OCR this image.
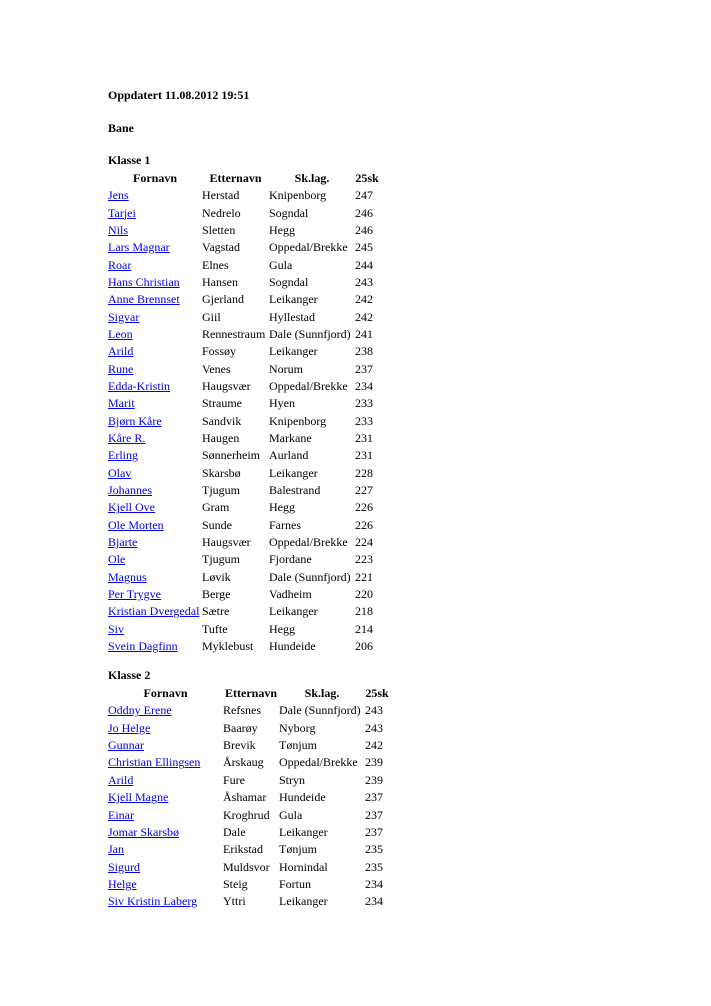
Oppdatert 11.08.2012 19:51

Bane

Klasse 1

Fornavn	Etternavn	Sk.lag.	25sk
Jens	Herstad	Knipenborg	247
Tarjei	Nedrelo	Sogndal	246
Nils	Sletten	Hegg	246
Lars Magnar	Vagstad	Oppedal/Brekke	245
Roar	Elnes	Gula	244
Hans Christian	Hansen	Sogndal	243
Anne Brennset	Gjerland	Leikanger	242
Sigvar	Giil	Hyllestad	242
Leon	Rennestraum	Dale (Sunnfjord)	241
Arild	Fossøy	Leikanger	238
Rune	Venes	Norum	237
Edda-Kristin	Haugsvær	Oppedal/Brekke	234
Marit	Straume	Hyen	233
Bjørn Kåre	Sandvik	Knipenborg	233
Kåre R.	Haugen	Markane	231
Erling	Sønnerheim	Aurland	231
Olav	Skarsbø	Leikanger	228
Johannes	Tjugum	Balestrand	227
Kjell Ove	Gram	Hegg	226
Ole Morten	Sunde	Farnes	226
Bjarte	Haugsvær	Oppedal/Brekke	224
Ole	Tjugum	Fjordane	223
Magnus	Løvik	Dale (Sunnfjord)	221
Per Trygve	Berge	Vadheim	220
Kristian Dvergedal	Sætre	Leikanger	218
Siv	Tufte	Hegg	214
Svein Dagfinn	Myklebust	Hundeide	206

Klasse 2

Fornavn	Etternavn	Sk.lag.	25sk
Oddny Erene	Refsnes	Dale (Sunnfjord)	243
Jo Helge	Baarøy	Nyborg	243
Gunnar	Brevik	Tønjum	242
Christian Ellingsen	Årskaug	Oppedal/Brekke	239
Arild	Fure	Stryn	239
Kjell Magne	Åshamar	Hundeide	237
Einar	Kroghrud	Gula	237
Jomar Skarsbø	Dale	Leikanger	237
Jan	Erikstad	Tønjum	235
Sigurd	Muldsvor	Hornindal	235
Helge	Steig	Fortun	234
Siv Kristin Laberg	Yttri	Leikanger	234
